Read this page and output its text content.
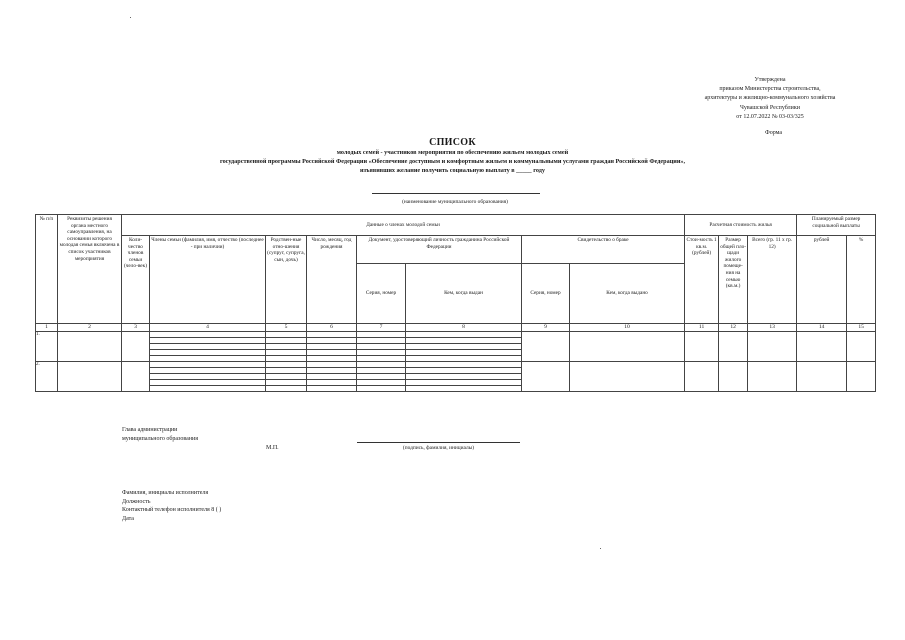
Утверждена
приказом Министерства строительства,
архитектуры и жилищно-коммунального хозяйства
Чувашской Республики
от 12.07.2022 № 03-03/325
Форма
СПИСОК
молодых семей - участников мероприятия по обеспечению жильем молодых семей
государственной программы Российской Федерации «Обеспечение доступным и комфортным жильем и коммунальными услугами граждан Российской Федерации»,
изъявивших желание получить социальную выплату в _____ году
(наименование муниципального образования)
№ п/п	Реквизиты решения органа местного самоуправления, на основании которого молодая семья включена в список участников мероприятия	Данные о членах молодой семьи								Расчетная стоимость жилья			Планируемый размер социальной выплаты	
		Коли-чество членов семьи (чело-век)	Члены семьи (фамилия, имя, отчество (последнее - при наличии)	Родствен-ные отно-шения (супруг, супруга, сын, дочь)	Число, месяц, год рождения	Документ, удостоверяющий личность гражданина Российской Федерации		Свидетельство о браке		Стои-мость 1 кв.м. (рублей)	Размер общей пло-щади жилого помеще-ния на семью (кв.м.)	Всего (гр. 11 х гр. 12)	рублей	%
						Серия, номер	Кем, когда выдан	Серия, номер	Кем, когда выдано					
1	2	3	4	5	6	7	8	9	10	11	12	13	14	15
1.														

2.														

Глава администрации
муниципального образования
М.П.	(подпись, фамилия, инициалы)
Фамилия, инициалы исполнителя
Должность
Контактный телефон исполнителя 8 ( )
Дата
